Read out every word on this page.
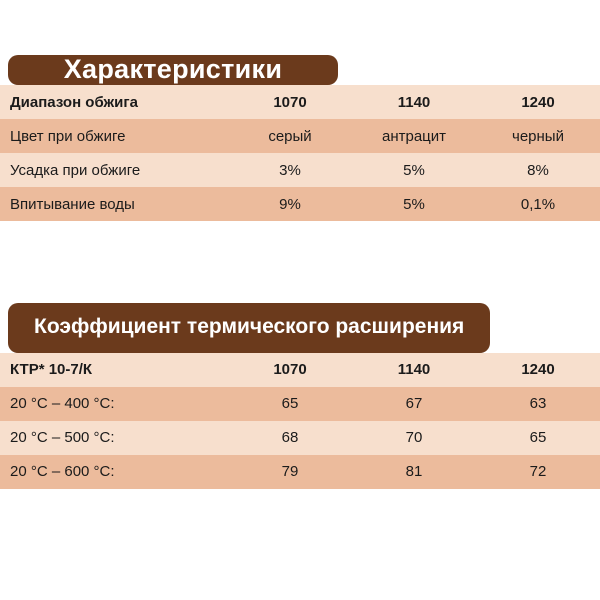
Характеристики
Диапазон обжига	1070	1140	1240
Цвет при обжиге	серый	антрацит	черный
Усадка при обжиге	3%	5%	8%
Впитывание воды	9%	5%	0,1%
Коэффициент термического расширения
КТР* 10-7/К	1070	1140	1240
20 °C – 400 °C:	65	67	63
20 °C – 500 °C:	68	70	65
20 °C – 600 °C:	79	81	72
